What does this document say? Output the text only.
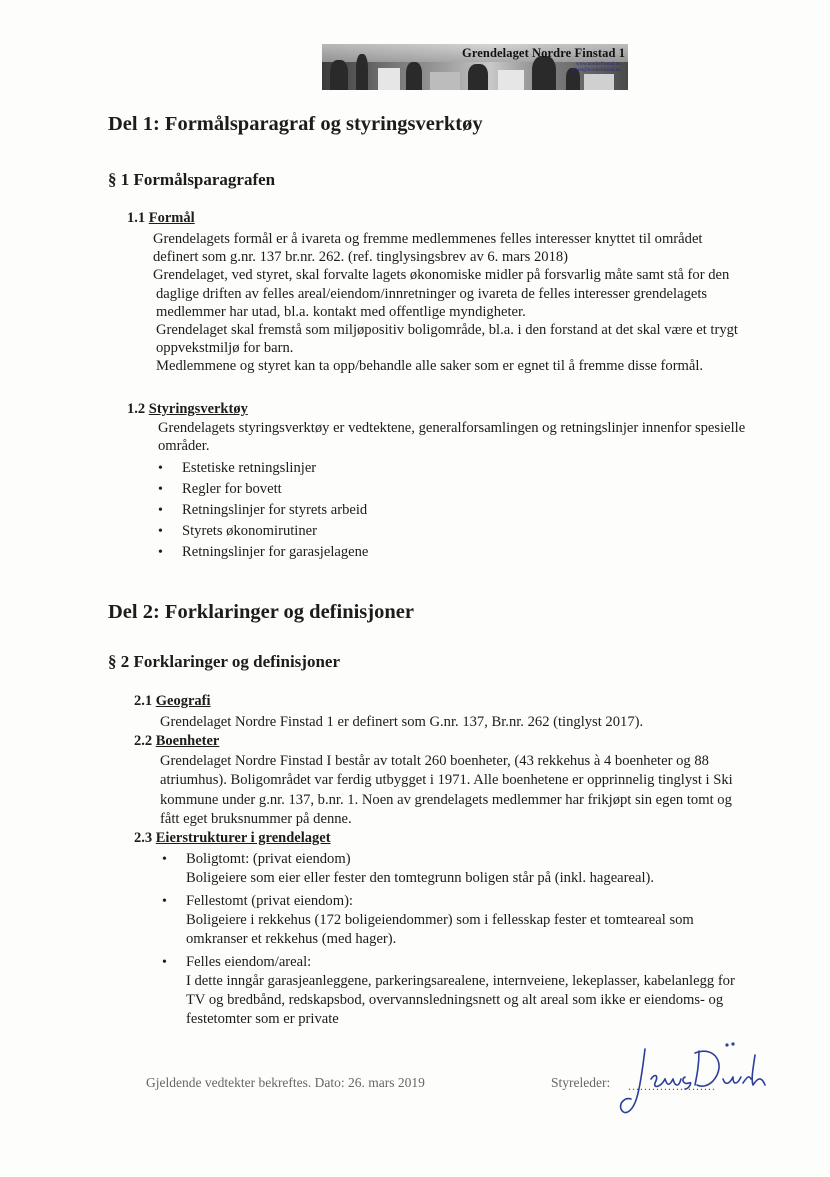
Grendelaget Nordre Finstad 1
www.nordrefinstad.no
styret@nordrefinstad.no
Del 1: Formålsparagraf og styringsverktøy
§ 1 Formålsparagrafen
1.1 Formål
Grendelagets formål er å ivareta og fremme medlemmenes felles interesser knyttet til området
definert som g.nr. 137 br.nr. 262. (ref. tinglysingsbrev av 6. mars 2018)
Grendelaget, ved styret, skal forvalte lagets økonomiske midler på forsvarlig måte samt stå for den
daglige driften av felles areal/eiendom/innretninger og ivareta de felles interesser grendelagets
medlemmer har utad, bl.a. kontakt med offentlige myndigheter.
Grendelaget skal fremstå som miljøpositiv boligområde, bl.a. i den forstand at det skal være et trygt
oppvekstmiljø for barn.
Medlemmene og styret kan ta opp/behandle alle saker som er egnet til å fremme disse formål.
1.2 Styringsverktøy
Grendelagets styringsverktøy er vedtektene, generalforsamlingen og retningslinjer innenfor spesielle
områder.
• Estetiske retningslinjer
• Regler for bovett
• Retningslinjer for styrets arbeid
• Styrets økonomirutiner
• Retningslinjer for garasjelagene
Del 2: Forklaringer og definisjoner
§ 2 Forklaringer og definisjoner
2.1 Geografi
Grendelaget Nordre Finstad 1 er definert som G.nr. 137, Br.nr. 262 (tinglyst 2017).
2.2 Boenheter
Grendelaget Nordre Finstad I består av totalt 260 boenheter, (43 rekkehus à 4 boenheter og 88
atriumhus). Boligområdet var ferdig utbygget i 1971. Alle boenhetene er opprinnelig tinglyst i Ski
kommune under g.nr. 137, b.nr. 1. Noen av grendelagets medlemmer har frikjøpt sin egen tomt og
fått eget bruksnummer på denne.
2.3 Eierstrukturer i grendelaget
• Boligtomt: (privat eiendom)
Boligeiere som eier eller fester den tomtegrunn boligen står på (inkl. hageareal).
• Fellestomt (privat eiendom):
Boligeiere i rekkehus (172 boligeiendommer) som i fellesskap fester et tomteareal som
omkranser et rekkehus (med hager).
• Felles eiendom/areal:
I dette inngår garasjeanleggene, parkeringsarealene, internveiene, lekeplasser, kabelanlegg for
TV og bredbånd, redskapsbod, overvannsledningsnett og alt areal som ikke er eiendoms- og
festetomter som er private
Gjeldende vedtekter bekreftes. Dato: 26. mars 2019	Styreleder: ......................
